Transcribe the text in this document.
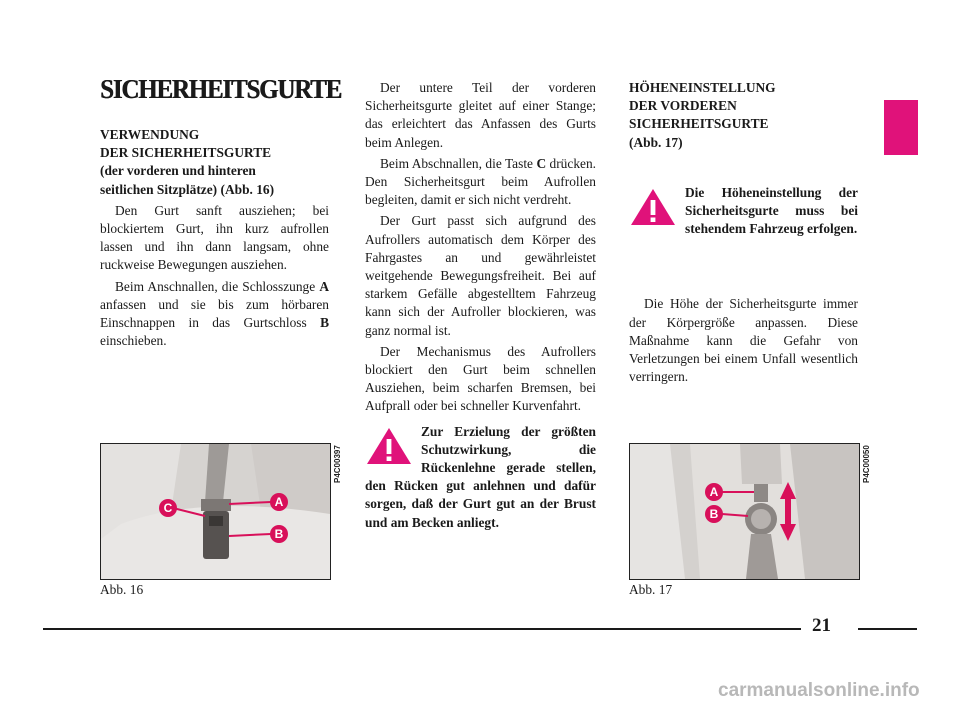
SICHERHEITSGURTE
VERWENDUNG
DER SICHERHEITSGURTE
(der vorderen und hinteren
seitlichen Sitzplätze) (Abb. 16)

Den Gurt sanft ausziehen; bei blockiertem Gurt, ihn kurz aufrollen lassen und ihn dann langsam, ohne ruckweise Bewegungen ausziehen.

Beim Anschnallen, die Schlosszunge A anfassen und sie bis zum hörbaren Einschnappen in das Gurtschloss B einschieben.

Der untere Teil der vorderen Sicherheitsgurte gleitet auf einer Stange; das erleichtert das Anfassen des Gurts beim Anlegen.

Beim Abschnallen, die Taste C drücken. Den Sicherheitsgurt beim Aufrollen begleiten, damit er sich nicht verdreht.

Der Gurt passt sich aufgrund des Aufrollers automatisch dem Körper des Fahrgastes an und gewährleistet weitgehende Bewegungsfreiheit. Bei auf starkem Gefälle abgestelltem Fahrzeug kann sich der Aufroller blockieren, was ganz normal ist.

Der Mechanismus des Aufrollers blockiert den Gurt beim schnellen Ausziehen, beim scharfen Bremsen, bei Aufprall oder bei schneller Kurvenfahrt.

Zur Erzielung der größten Schutzwirkung, die Rückenlehne gerade stellen, den Rücken gut anlehnen und dafür sorgen, daß der Gurt gut an der Brust und am Becken anliegt.
HÖHENEINSTELLUNG
DER VORDEREN
SICHERHEITSGURTE
(Abb. 17)
Die Höheneinstellung der Sicherheitsgurte muss bei stehendem Fahrzeug erfolgen.

Die Höhe der Sicherheitsgurte immer der Körpergröße anpassen. Diese Maßnahme kann die Gefahr von Verletzungen bei einem Unfall wesentlich verringern.

A
B
C
P4C00397
Abb. 16
A
B
P4C00050
Abb. 17
21
carmanualsonline.info
